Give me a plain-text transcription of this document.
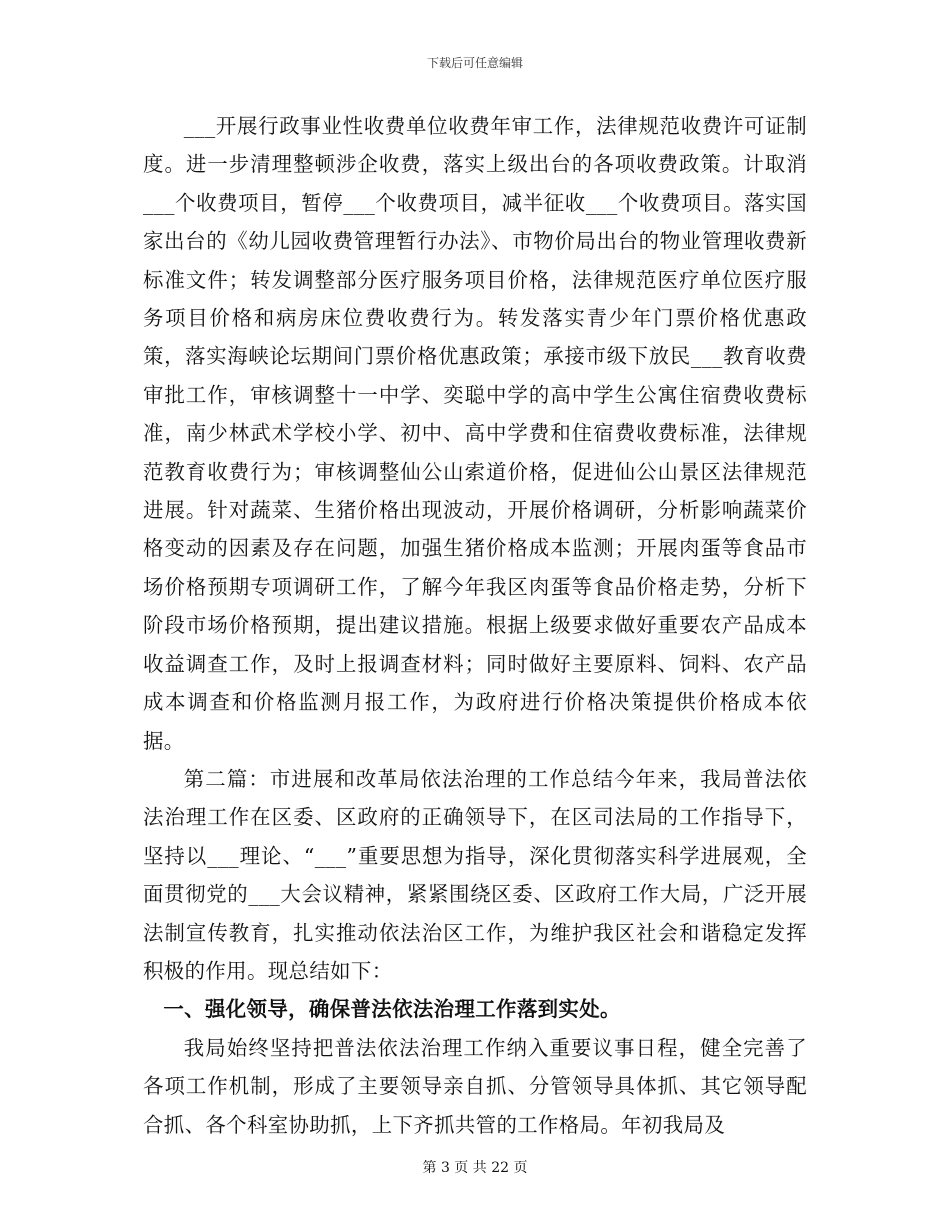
下载后可任意编辑

___开展行政事业性收费单位收费年审工作，法律规范收费许可证制度。进一步清理整顿涉企收费，落实上级出台的各项收费政策。计取消___个收费项目，暂停___个收费项目，减半征收___个收费项目。落实国家出台的《幼儿园收费管理暂行办法》、市物价局出台的物业管理收费新标准文件；转发调整部分医疗服务项目价格，法律规范医疗单位医疗服务项目价格和病房床位费收费行为。转发落实青少年门票价格优惠政策，落实海峡论坛期间门票价格优惠政策；承接市级下放民___教育收费审批工作，审核调整十一中学、奕聪中学的高中学生公寓住宿费收费标准，南少林武术学校小学、初中、高中学费和住宿费收费标准，法律规范教育收费行为；审核调整仙公山索道价格，促进仙公山景区法律规范进展。针对蔬菜、生猪价格出现波动，开展价格调研，分析影响蔬菜价格变动的因素及存在问题，加强生猪价格成本监测；开展肉蛋等食品市场价格预期专项调研工作，了解今年我区肉蛋等食品价格走势，分析下阶段市场价格预期，提出建议措施。根据上级要求做好重要农产品成本收益调查工作，及时上报调查材料；同时做好主要原料、饲料、农产品成本调查和价格监测月报工作，为政府进行价格决策提供价格成本依据。

第二篇：市进展和改革局依法治理的工作总结今年来，我局普法依法治理工作在区委、区政府的正确领导下，在区司法局的工作指导下，坚持以___理论、“___”重要思想为指导，深化贯彻落实科学进展观，全面贯彻党的___大会议精神，紧紧围绕区委、区政府工作大局，广泛开展法制宣传教育，扎实推动依法治区工作，为维护我区社会和谐稳定发挥积极的作用。现总结如下：

一、强化领导，确保普法依法治理工作落到实处。

我局始终坚持把普法依法治理工作纳入重要议事日程，健全完善了各项工作机制，形成了主要领导亲自抓、分管领导具体抓、其它领导配合抓、各个科室协助抓，上下齐抓共管的工作格局。年初我局及

第 3 页 共 22 页
